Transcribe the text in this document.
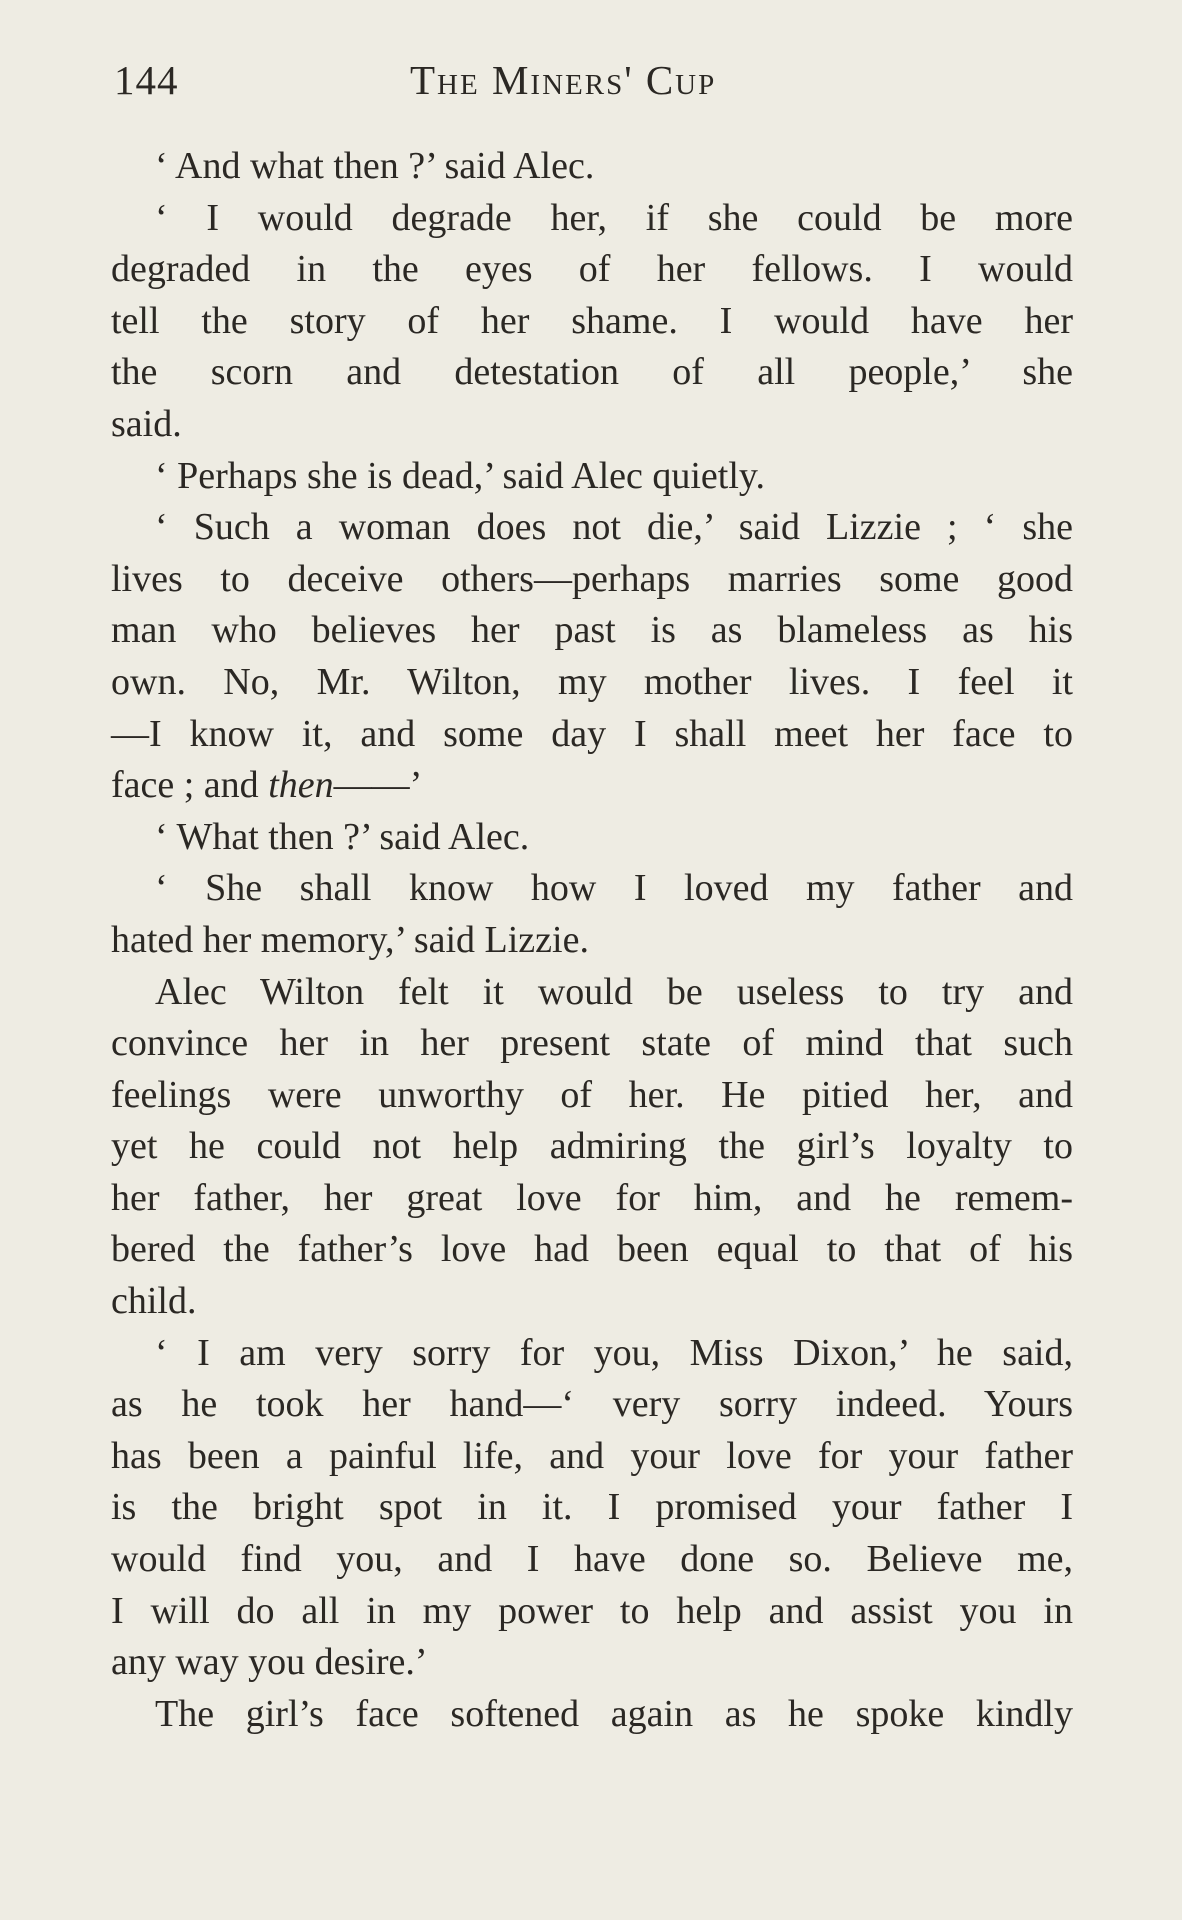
144	The Miners' Cup
‘ And what then ?’ said Alec.
‘ I would degrade her, if she could be more
degraded in the eyes of her fellows. I would
tell the story of her shame. I would have her
the scorn and detestation of all people,’ she
said.
‘ Perhaps she is dead,’ said Alec quietly.
‘ Such a woman does not die,’ said Lizzie ; ‘ she
lives to deceive others—perhaps marries some good
man who believes her past is as blameless as his
own. No, Mr. Wilton, my mother lives. I feel it
—I know it, and some day I shall meet her face to
face ; and then——’
‘ What then ?’ said Alec.
‘ She shall know how I loved my father and
hated her memory,’ said Lizzie.
Alec Wilton felt it would be useless to try and
convince her in her present state of mind that such
feelings were unworthy of her. He pitied her, and
yet he could not help admiring the girl’s loyalty to
her father, her great love for him, and he remem-
bered the father’s love had been equal to that of his
child.
‘ I am very sorry for you, Miss Dixon,’ he said,
as he took her hand—‘ very sorry indeed. Yours
has been a painful life, and your love for your father
is the bright spot in it. I promised your father I
would find you, and I have done so. Believe me,
I will do all in my power to help and assist you in
any way you desire.’
The girl’s face softened again as he spoke kindly
